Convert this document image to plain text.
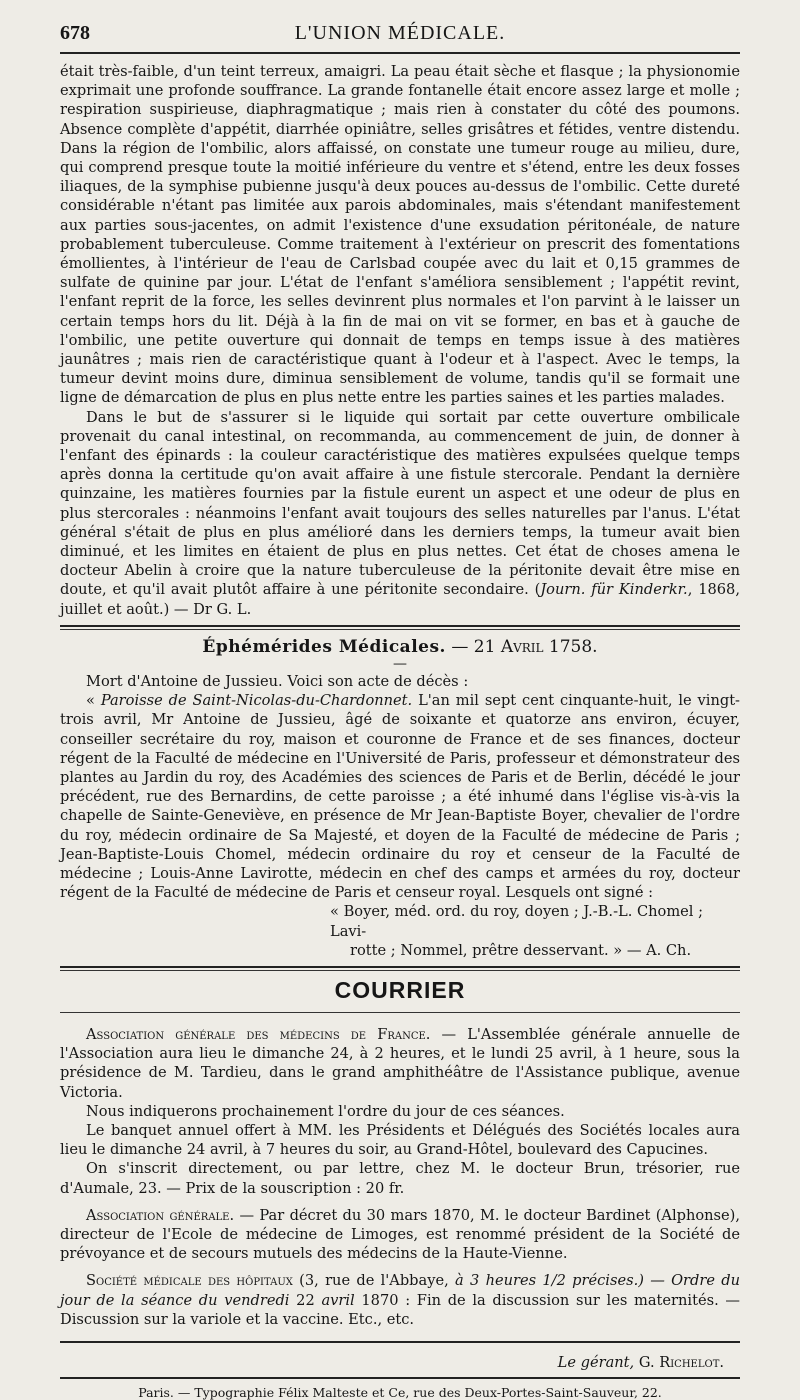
678	L'UNION MÉDICALE.

était très-faible, d'un teint terreux, amaigri. La peau était sèche et flasque ; la physionomie exprimait une profonde souffrance. La grande fontanelle était encore assez large et molle ; respiration suspirieuse, diaphragmatique ; mais rien à constater du côté des poumons. Absence complète d'appétit, diarrhée opiniâtre, selles grisâtres et fétides, ventre distendu. Dans la région de l'ombilic, alors affaissé, on constate une tumeur rouge au milieu, dure, qui comprend presque toute la moitié inférieure du ventre et s'étend, entre les deux fosses iliaques, de la symphise pubienne jusqu'à deux pouces au-dessus de l'ombilic. Cette dureté considérable n'étant pas limitée aux parois abdominales, mais s'étendant manifestement aux parties sous-jacentes, on admit l'existence d'une exsudation péritonéale, de nature probablement tuberculeuse. Comme traitement à l'extérieur on prescrit des fomentations émollientes, à l'intérieur de l'eau de Carlsbad coupée avec du lait et 0,15 grammes de sulfate de quinine par jour. L'état de l'enfant s'améliora sensiblement ; l'appétit revint, l'enfant reprit de la force, les selles devinrent plus normales et l'on parvint à le laisser un certain temps hors du lit. Déjà à la fin de mai on vit se former, en bas et à gauche de l'ombilic, une petite ouverture qui donnait de temps en temps issue à des matières jaunâtres ; mais rien de caractéristique quant à l'odeur et à l'aspect. Avec le temps, la tumeur devint moins dure, diminua sensiblement de volume, tandis qu'il se formait une ligne de démarcation de plus en plus nette entre les parties saines et les parties malades.

Dans le but de s'assurer si le liquide qui sortait par cette ouverture ombilicale provenait du canal intestinal, on recommanda, au commencement de juin, de donner à l'enfant des épinards : la couleur caractéristique des matières expulsées quelque temps après donna la certitude qu'on avait affaire à une fistule stercorale. Pendant la dernière quinzaine, les matières fournies par la fistule eurent un aspect et une odeur de plus en plus stercorales : néanmoins l'enfant avait toujours des selles naturelles par l'anus. L'état général s'était de plus en plus amélioré dans les derniers temps, la tumeur avait bien diminué, et les limites en étaient de plus en plus nettes. Cet état de choses amena le docteur Abelin à croire que la nature tuberculeuse de la péritonite devait être mise en doute, et qu'il avait plutôt affaire à une péritonite secondaire. (Journ. für Kinderkr., 1868, juillet et août.) — Dr G. L.

Éphémérides Médicales. — 21 Avril 1758.
—

Mort d'Antoine de Jussieu. Voici son acte de décès :

« Paroisse de Saint-Nicolas-du-Chardonnet. L'an mil sept cent cinquante-huit, le vingt-trois avril, Mr Antoine de Jussieu, âgé de soixante et quatorze ans environ, écuyer, conseiller secrétaire du roy, maison et couronne de France et de ses finances, docteur régent de la Faculté de médecine en l'Université de Paris, professeur et démonstrateur des plantes au Jardin du roy, des Académies des sciences de Paris et de Berlin, décédé le jour précédent, rue des Bernardins, de cette paroisse ; a été inhumé dans l'église vis-à-vis la chapelle de Sainte-Geneviève, en présence de Mr Jean-Baptiste Boyer, chevalier de l'ordre du roy, médecin ordinaire de Sa Majesté, et doyen de la Faculté de médecine de Paris ; Jean-Baptiste-Louis Chomel, médecin ordinaire du roy et censeur de la Faculté de médecine ; Louis-Anne Lavirotte, médecin en chef des camps et armées du roy, docteur régent de la Faculté de médecine de Paris et censeur royal. Lesquels ont signé :

« Boyer, méd. ord. du roy, doyen ; J.-B.-L. Chomel ; Lavi-
rotte ; Nommel, prêtre desservant. » — A. Ch.
COURRIER

Association générale des médecins de France. — L'Assemblée générale annuelle de l'Association aura lieu le dimanche 24, à 2 heures, et le lundi 25 avril, à 1 heure, sous la présidence de M. Tardieu, dans le grand amphithéâtre de l'Assistance publique, avenue Victoria.

Nous indiquerons prochainement l'ordre du jour de ces séances.

Le banquet annuel offert à MM. les Présidents et Délégués des Sociétés locales aura lieu le dimanche 24 avril, à 7 heures du soir, au Grand-Hôtel, boulevard des Capucines.

On s'inscrit directement, ou par lettre, chez M. le docteur Brun, trésorier, rue d'Aumale, 23. — Prix de la souscription : 20 fr.

Association générale. — Par décret du 30 mars 1870, M. le docteur Bardinet (Alphonse), directeur de l'Ecole de médecine de Limoges, est renommé président de la Société de prévoyance et de secours mutuels des médecins de la Haute-Vienne.

Société médicale des hôpitaux (3, rue de l'Abbaye, à 3 heures 1/2 précises.) — Ordre du jour de la séance du vendredi 22 avril 1870 : Fin de la discussion sur les maternités. — Discussion sur la variole et la vaccine. Etc., etc.

Le gérant, G. Richelot.
Paris. — Typographie Félix Malteste et Ce, rue des Deux-Portes-Saint-Sauveur, 22.
